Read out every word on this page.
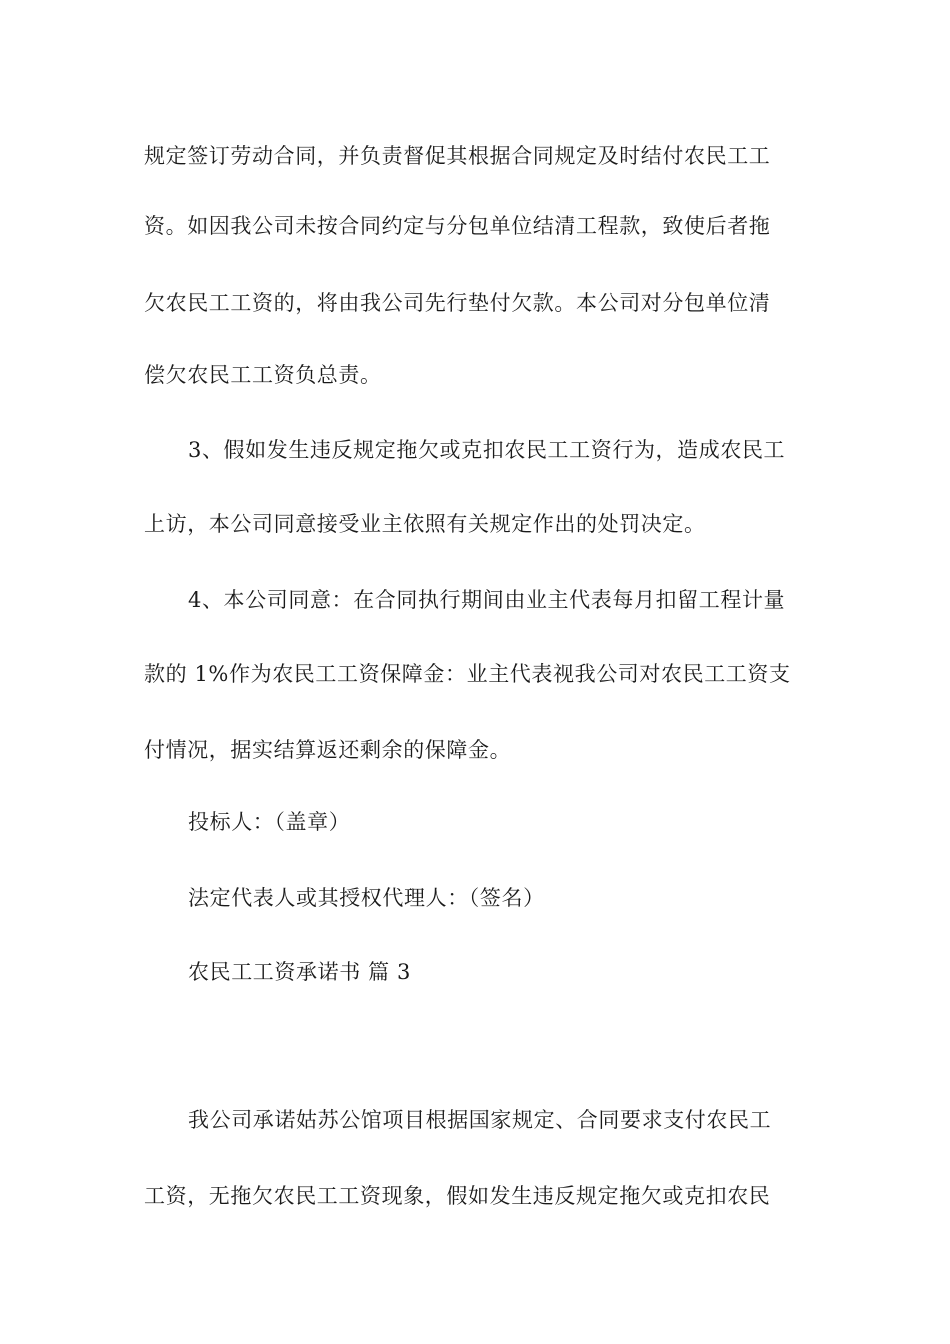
规定签订劳动合同，并负责督促其根据合同规定及时结付农民工工
资。如因我公司未按合同约定与分包单位结清工程款，致使后者拖
欠农民工工资的，将由我公司先行垫付欠款。本公司对分包单位清
偿欠农民工工资负总责。
3、假如发生违反规定拖欠或克扣农民工工资行为，造成农民工
上访，本公司同意接受业主依照有关规定作出的处罚决定。
4、本公司同意：在合同执行期间由业主代表每月扣留工程计量
款的 1%作为农民工工资保障金：业主代表视我公司对农民工工资支
付情况，据实结算返还剩余的保障金。
投标人：（盖章）
法定代表人或其授权代理人：（签名）
农民工工资承诺书 篇 3
我公司承诺姑苏公馆项目根据国家规定、合同要求支付农民工
工资，无拖欠农民工工资现象，假如发生违反规定拖欠或克扣农民
